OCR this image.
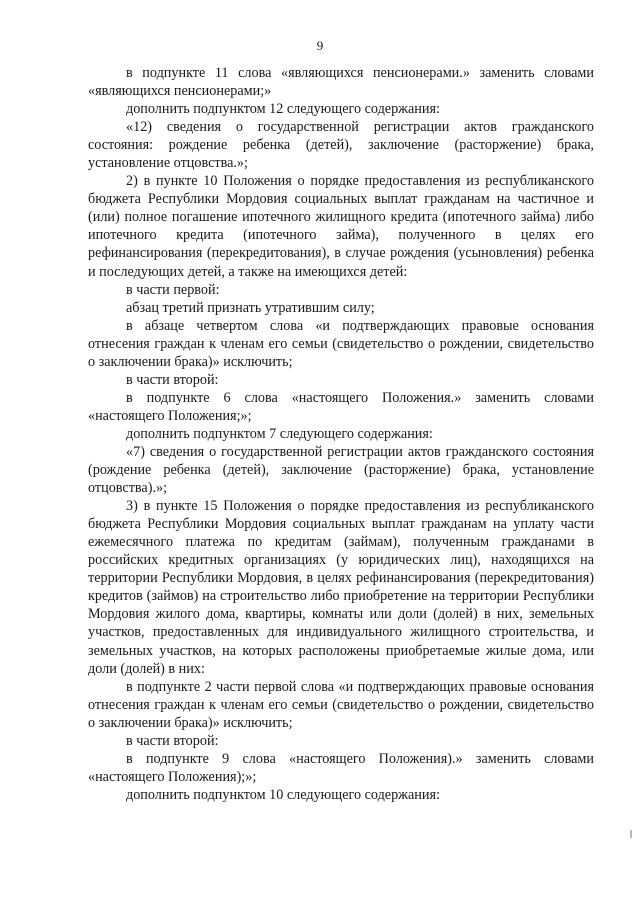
9

в подпункте 11 слова «являющихся пенсионерами.» заменить словами «являющихся пенсионерами;»

дополнить подпунктом 12 следующего содержания:

«12) сведения о государственной регистрации актов гражданского состояния: рождение ребенка (детей), заключение (расторжение) брака, установление отцовства.»;

2) в пункте 10 Положения о порядке предоставления из республиканского бюджета Республики Мордовия социальных выплат гражданам на частичное и (или) полное погашение ипотечного жилищного кредита (ипотечного займа) либо ипотечного кредита (ипотечного займа), полученного в целях его рефинансирования (перекредитования), в случае рождения (усыновления) ребенка и последующих детей, а также на имеющихся детей:

в части первой:

абзац третий признать утратившим силу;

в абзаце четвертом слова «и подтверждающих правовые основания отнесения граждан к членам его семьи (свидетельство о рождении, свидетельство о заключении брака)» исключить;

в части второй:

в подпункте 6 слова «настоящего Положения.» заменить словами «настоящего Положения;»;

дополнить подпунктом 7 следующего содержания:

«7) сведения о государственной регистрации актов гражданского состояния (рождение ребенка (детей), заключение (расторжение) брака, установление отцовства).»;

3) в пункте 15 Положения о порядке предоставления из республиканского бюджета Республики Мордовия социальных выплат гражданам на уплату части ежемесячного платежа по кредитам (займам), полученным гражданами в российских кредитных организациях (у юридических лиц), находящихся на территории Республики Мордовия, в целях рефинансирования (перекредитования) кредитов (займов) на строительство либо приобретение на территории Республики Мордовия жилого дома, квартиры, комнаты или доли (долей) в них, земельных участков, предоставленных для индивидуального жилищного строительства, и земельных участков, на которых расположены приобретаемые жилые дома, или доли (долей) в них:

в подпункте 2 части первой слова «и подтверждающих правовые основания отнесения граждан к членам его семьи (свидетельство о рождении, свидетельство о заключении брака)» исключить;

в части второй:

в подпункте 9 слова «настоящего Положения).» заменить словами «настоящего Положения);»;

дополнить подпунктом 10 следующего содержания:
